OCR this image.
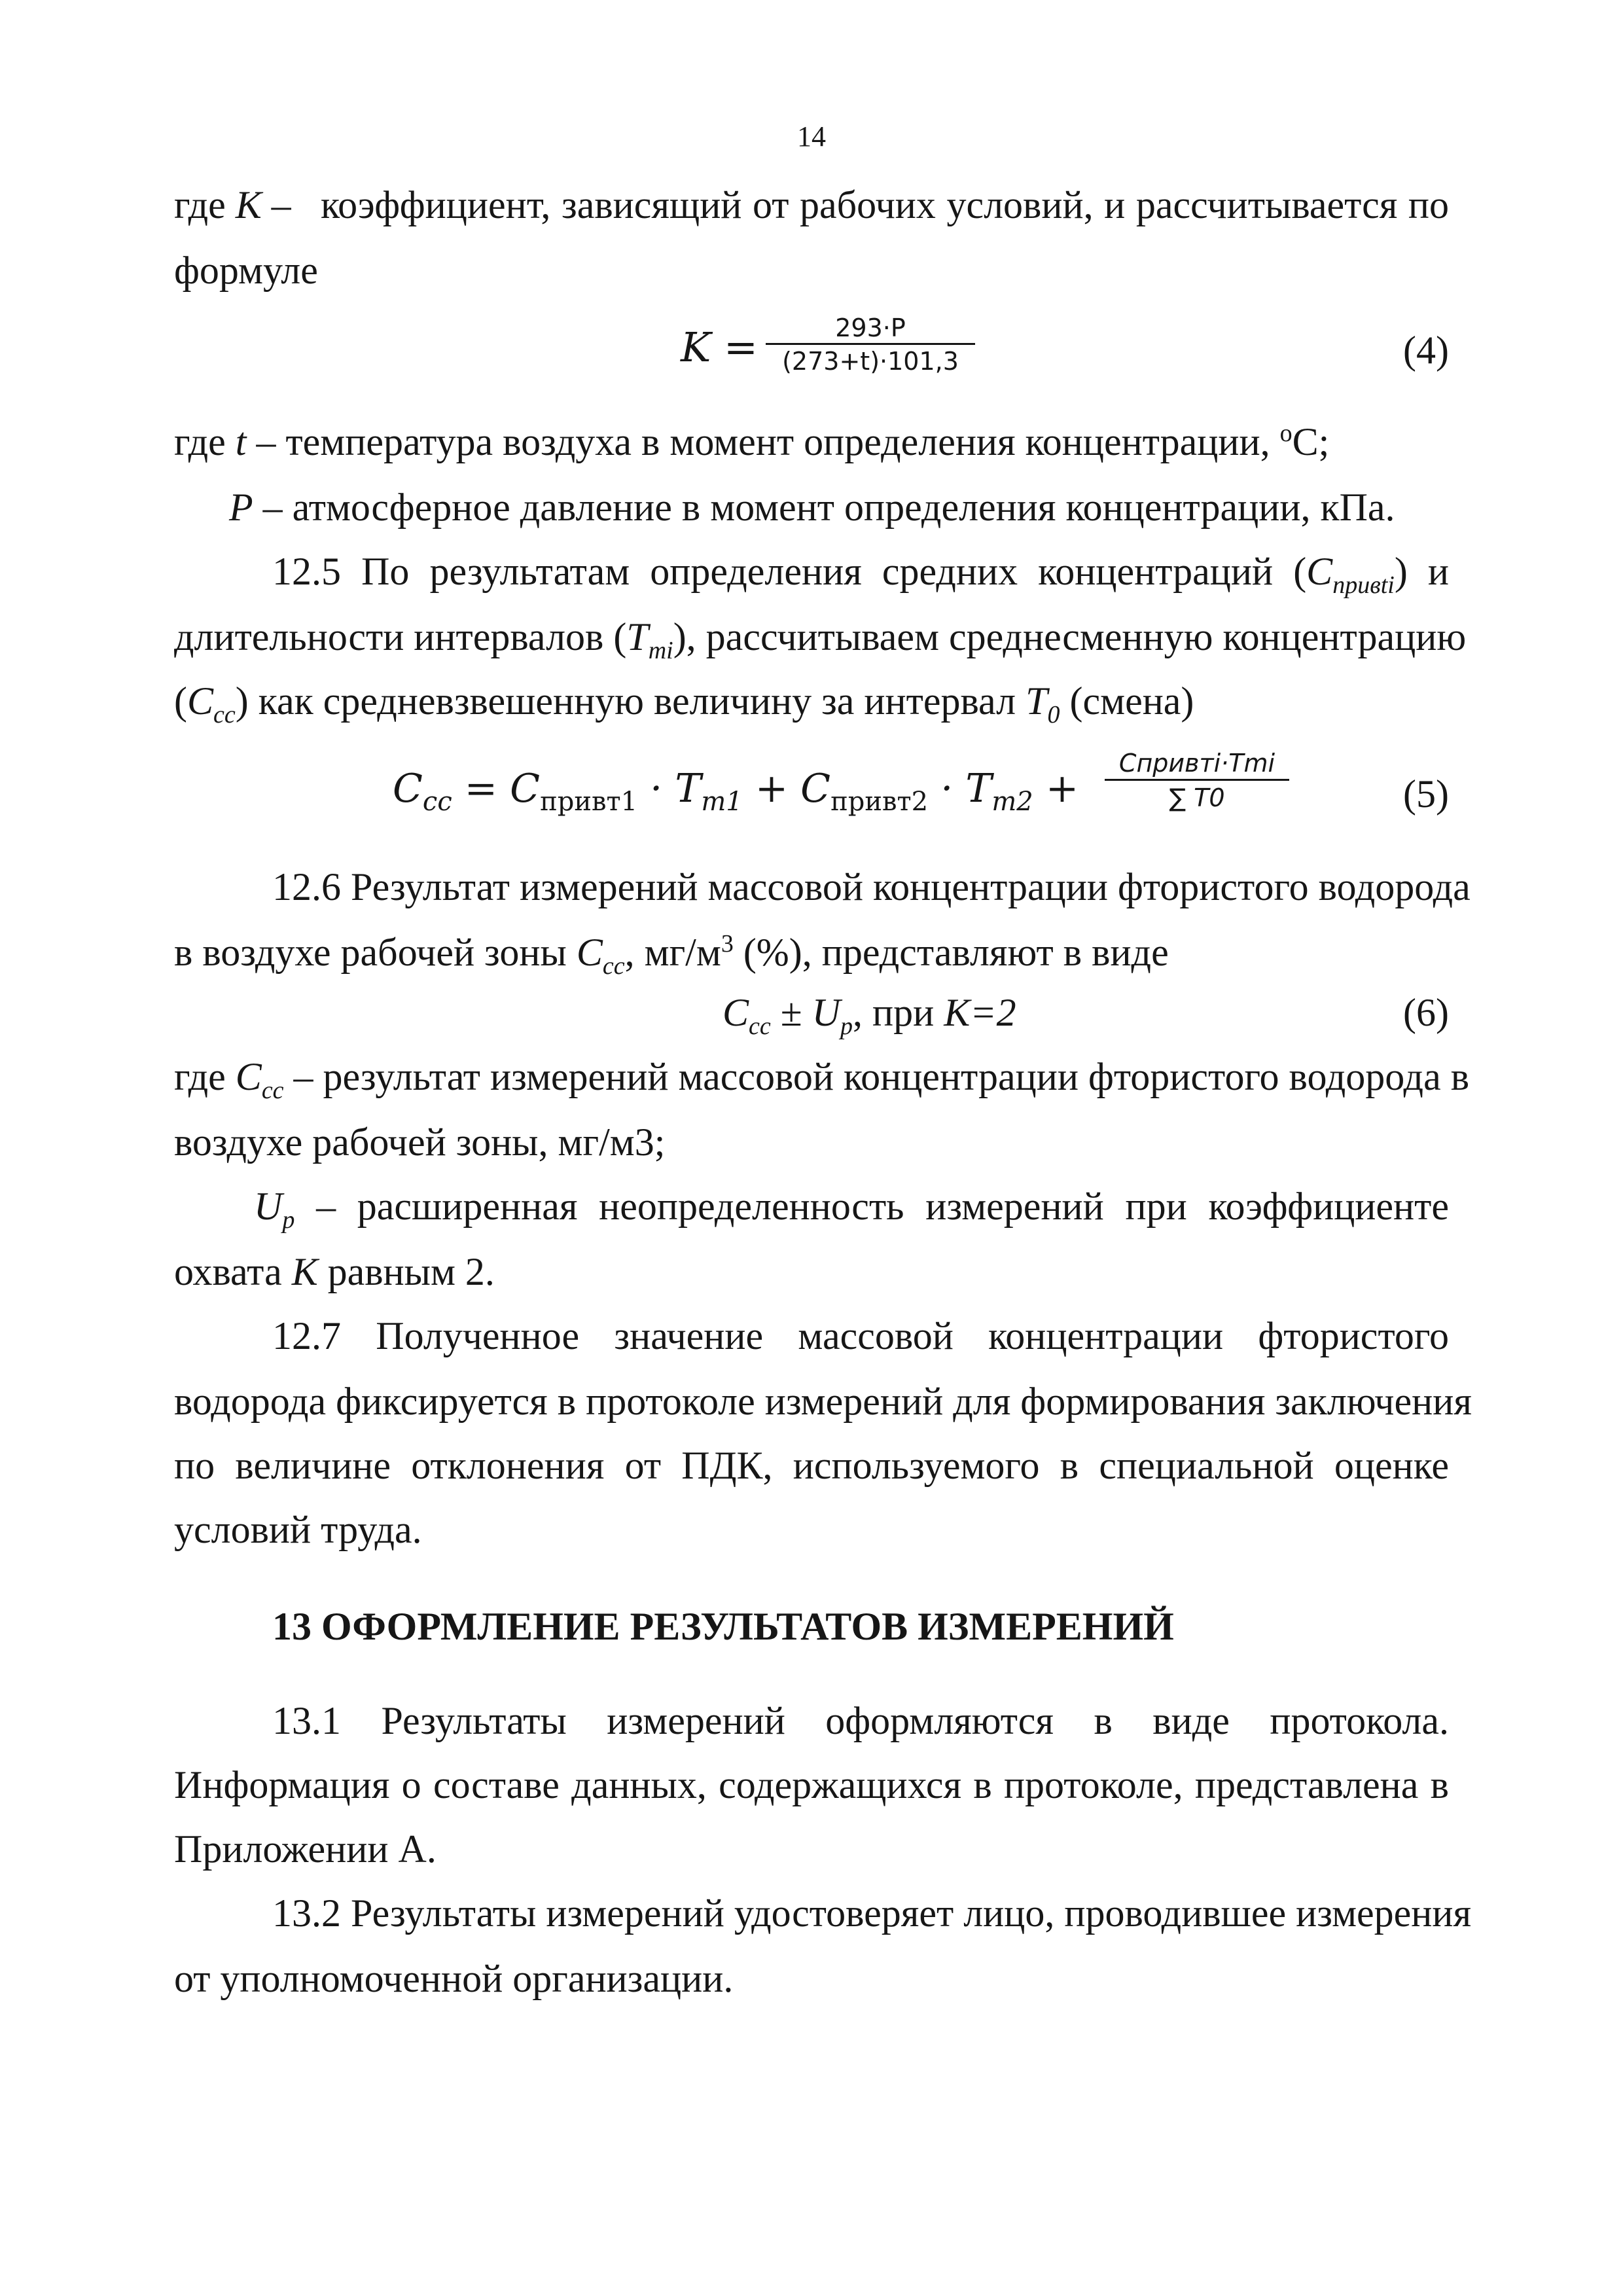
14
где К – коэффициент, зависящий от рабочих условий, и рассчитывается по
формуле
K =	293·P
(273+t)·101,3	(4)
где t – температура воздуха в момент определения концентрации, $^о$С;
Р – атмосферное давление в момент определения концентрации, кПа.
12.5 По результатам определения средних концентраций $(С_{привti})$ и
длительности интервалов $(T_{mi})$, рассчитываем среднесменную концентрацию
$(С_{сс})$ как средневзвешенную величину за интервал $T_0$ (смена)
$C_{cc} = C_{привт1} \cdot T_{m1} + C_{привт2} \cdot T_{m2}$ +
Cпривтi·Tmi
∑ T0	(5)
12.6 Результат измерений массовой концентрации фтористого водорода
в воздухе рабочей зоны $С_{сс}$, $мг/м^3$ (%), представляют в виде
$С_{сс} \pm U_p$, при К=2	(6)
где $С_{сс}$ – результат измерений массовой концентрации фтористого водорода в
воздухе рабочей зоны, мг/м3;
$U_p$ – расширенная неопределенность измерений при коэффициенте
охвата К равным 2.
12.7 Полученное значение массовой концентрации фтористого
водорода фиксируется в протоколе измерений для формирования заключения
по величине отклонения от ПДК, используемого в специальной оценке
условий труда.
13 ОФОРМЛЕНИЕ РЕЗУЛЬТАТОВ ИЗМЕРЕНИЙ
13.1 Результаты измерений оформляются в виде протокола.
Информация о составе данных, содержащихся в протоколе, представлена в
Приложении А.
13.2 Результаты измерений удостоверяет лицо, проводившее измерения
от уполномоченной организации.
